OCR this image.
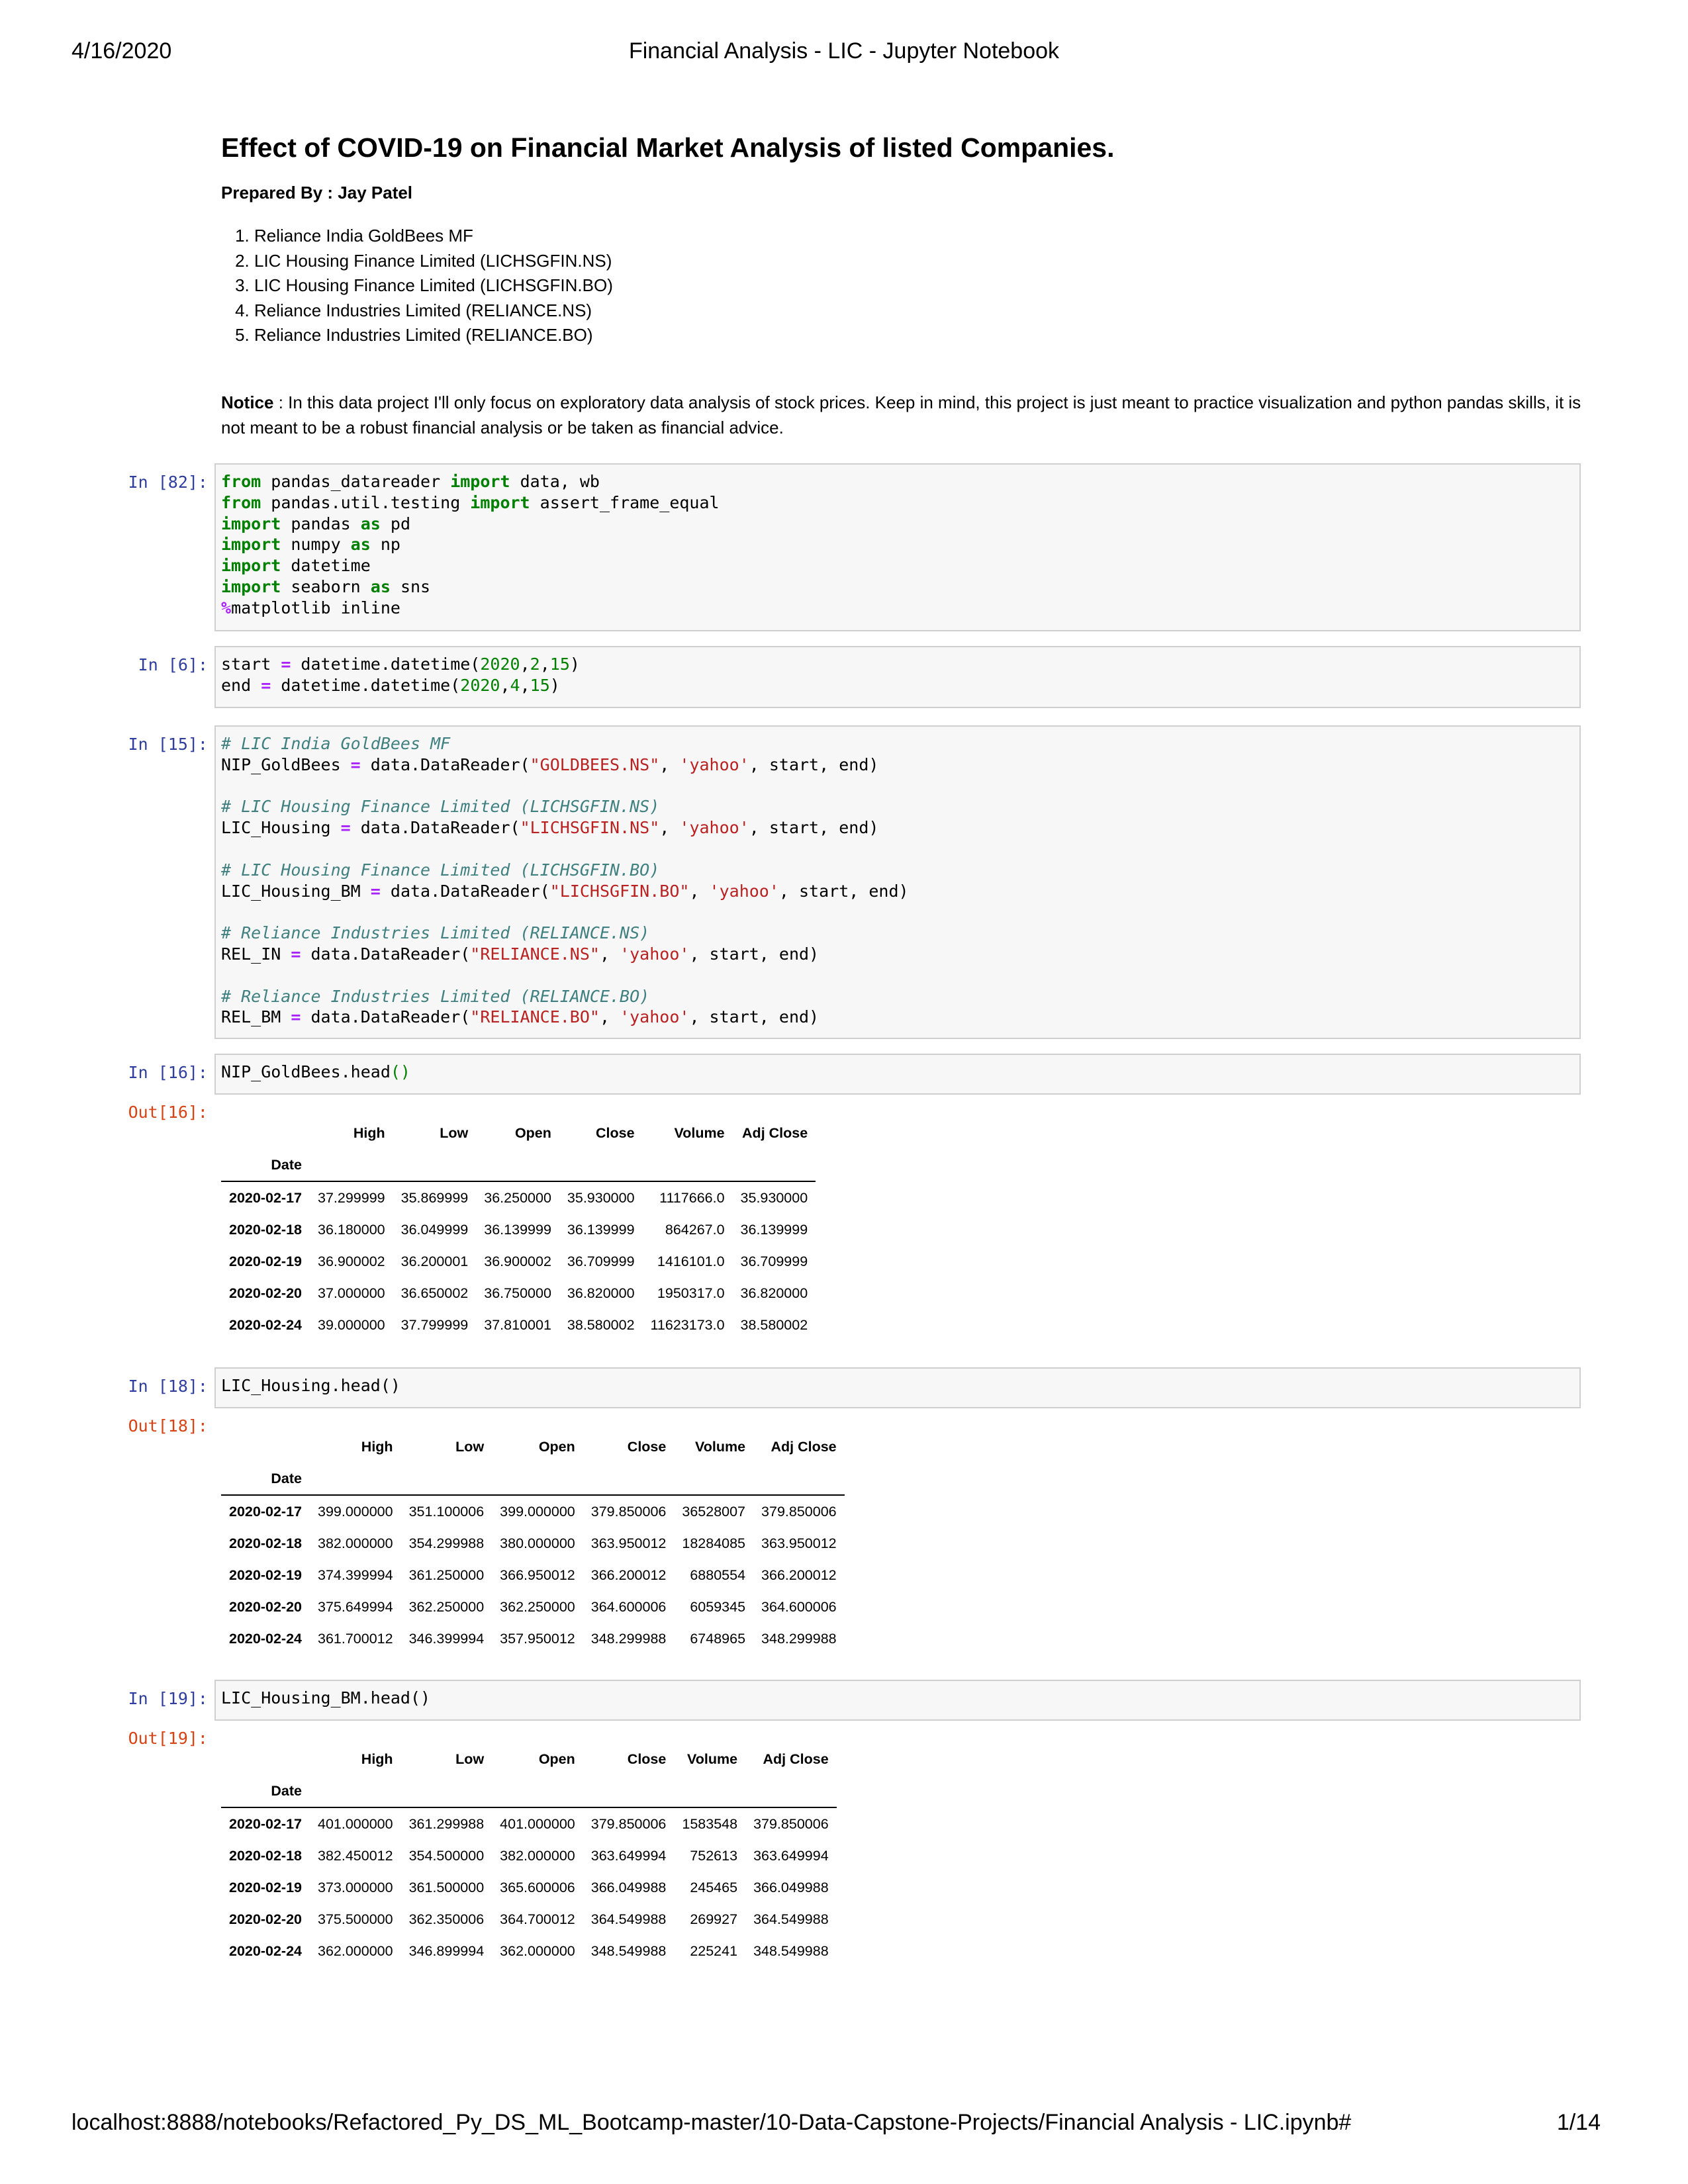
4/16/2020	Financial Analysis - LIC - Jupyter Notebook
localhost:8888/notebooks/Refactored_Py_DS_ML_Bootcamp-master/10-Data-Capstone-Projects/Financial Analysis - LIC.ipynb#	1/14
Effect of COVID-19 on Financial Market Analysis of listed Companies.
Prepared By : Jay Patel
1. Reliance India GoldBees MF
2. LIC Housing Finance Limited (LICHSGFIN.NS)
3. LIC Housing Finance Limited (LICHSGFIN.BO)
4. Reliance Industries Limited (RELIANCE.NS)
5. Reliance Industries Limited (RELIANCE.BO)
Notice : In this data project I'll only focus on exploratory data analysis of stock prices. Keep in mind, this project is just meant to practice visualization and python pandas skills, it is not meant to be a robust financial analysis or be taken as financial advice.
In [82]: from pandas_datareader import data, wb
from pandas.util.testing import assert_frame_equal
import pandas as pd
import numpy as np
import datetime
import seaborn as sns
%matplotlib inline
In [6]: start = datetime.datetime(2020,2,15)
end = datetime.datetime(2020,4,15)
In [15]: # LIC India GoldBees MF
NIP_GoldBees = data.DataReader("GOLDBEES.NS", 'yahoo', start, end)

# LIC Housing Finance Limited (LICHSGFIN.NS)
LIC_Housing = data.DataReader("LICHSGFIN.NS", 'yahoo', start, end)

# LIC Housing Finance Limited (LICHSGFIN.BO)
LIC_Housing_BM = data.DataReader("LICHSGFIN.BO", 'yahoo', start, end)

# Reliance Industries Limited (RELIANCE.NS)
REL_IN = data.DataReader("RELIANCE.NS", 'yahoo', start, end)

# Reliance Industries Limited (RELIANCE.BO)
REL_BM = data.DataReader("RELIANCE.BO", 'yahoo', start, end)
In [16]: NIP_GoldBees.head()
Out[16]:
	High	Low	Open	Close	Volume	Adj Close
Date						
2020-02-17	37.299999	35.869999	36.250000	35.930000	1117666.0	35.930000
2020-02-18	36.180000	36.049999	36.139999	36.139999	864267.0	36.139999
2020-02-19	36.900002	36.200001	36.900002	36.709999	1416101.0	36.709999
2020-02-20	37.000000	36.650002	36.750000	36.820000	1950317.0	36.820000
2020-02-24	39.000000	37.799999	37.810001	38.580002	11623173.0	38.580002
In [18]: LIC_Housing.head()
Out[18]:
	High	Low	Open	Close	Volume	Adj Close
Date						
2020-02-17	399.000000	351.100006	399.000000	379.850006	36528007	379.850006
2020-02-18	382.000000	354.299988	380.000000	363.950012	18284085	363.950012
2020-02-19	374.399994	361.250000	366.950012	366.200012	6880554	366.200012
2020-02-20	375.649994	362.250000	362.250000	364.600006	6059345	364.600006
2020-02-24	361.700012	346.399994	357.950012	348.299988	6748965	348.299988
In [19]: LIC_Housing_BM.head()
Out[19]:
	High	Low	Open	Close	Volume	Adj Close
Date						
2020-02-17	401.000000	361.299988	401.000000	379.850006	1583548	379.850006
2020-02-18	382.450012	354.500000	382.000000	363.649994	752613	363.649994
2020-02-19	373.000000	361.500000	365.600006	366.049988	245465	366.049988
2020-02-20	375.500000	362.350006	364.700012	364.549988	269927	364.549988
2020-02-24	362.000000	346.899994	362.000000	348.549988	225241	348.549988
